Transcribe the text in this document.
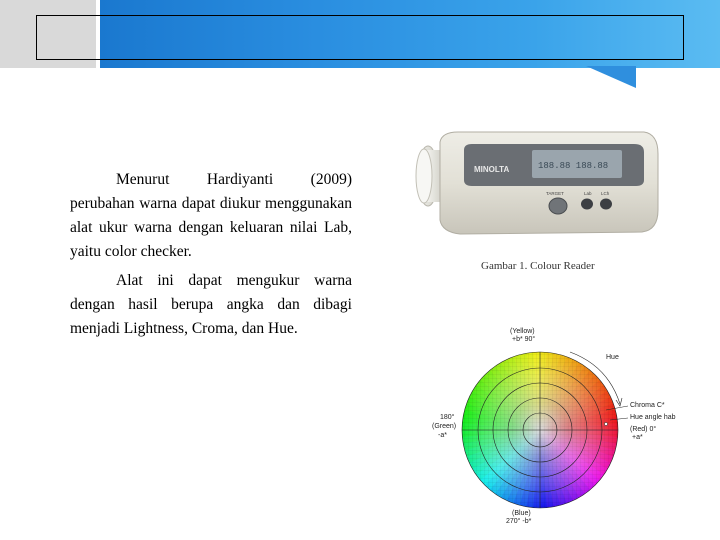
Menurut Hardiyanti (2009) perubahan warna dapat diukur menggunakan alat ukur warna dengan keluaran nilai Lab, yaitu color checker.

Alat ini dapat mengukur warna dengan hasil berupa angka dan dibagi menjadi Lightness, Croma, dan Hue.

188.88 188.88
MINOLTA
TARGET	Lab LCh
Gambar 1. Colour Reader
(Yellow)
+b* 90°
Hue
180°
(Green)
-a*
Chroma C*
Hue angle hab
(Red) 0°
+a*
(Blue)
270° -b*
